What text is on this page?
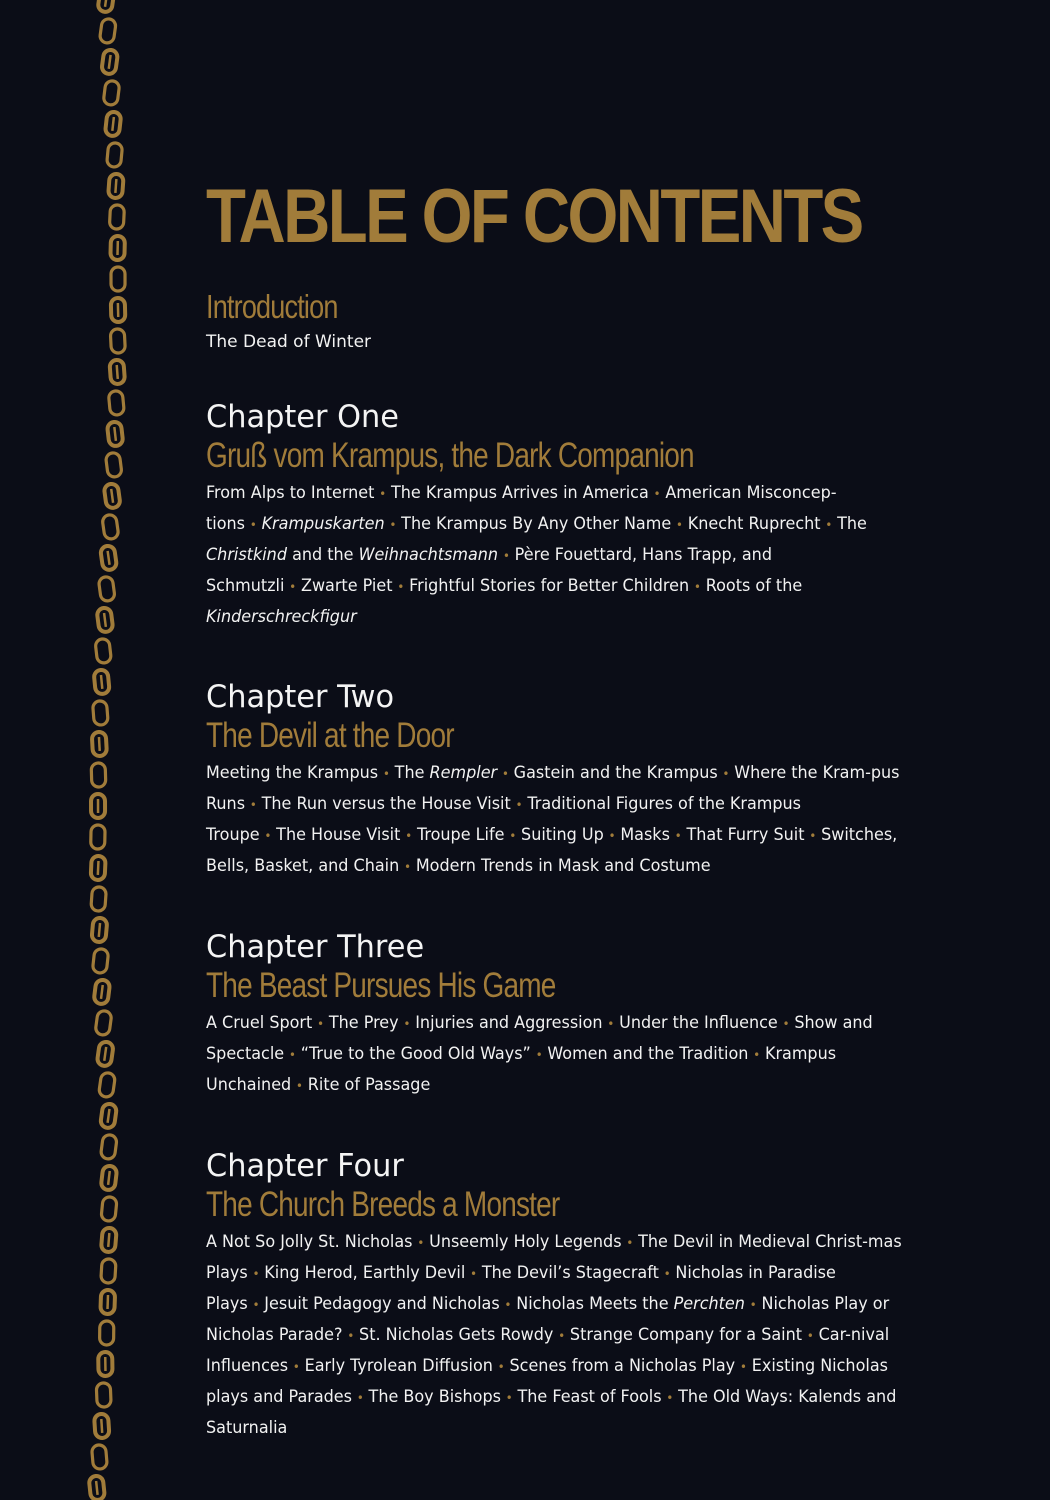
TABLE OF CONTENTS
Introduction
The Dead of Winter
Chapter One
Gruß vom Krampus, the Dark Companion
From Alps to Internet • The Krampus Arrives in America • American Misconcep-tions • Krampuskarten • The Krampus By Any Other Name • Knecht Ruprecht • The Christkind and the Weihnachtsmann • Père Fouettard, Hans Trapp, and Schmutzli • Zwarte Piet • Frightful Stories for Better Children • Roots of the Kinderschreckfigur
Chapter Two
The Devil at the Door
Meeting the Krampus • The Rempler • Gastein and the Krampus • Where the Kram-pus Runs • The Run versus the House Visit • Traditional Figures of the Krampus Troupe • The House Visit • Troupe Life • Suiting Up • Masks • That Furry Suit • Switches, Bells, Basket, and Chain • Modern Trends in Mask and Costume
Chapter Three
The Beast Pursues His Game
A Cruel Sport • The Prey • Injuries and Aggression • Under the Influence • Show and Spectacle • “True to the Good Old Ways” • Women and the Tradition • Krampus Unchained • Rite of Passage
Chapter Four
The Church Breeds a Monster
A Not So Jolly St. Nicholas • Unseemly Holy Legends • The Devil in Medieval Christ-mas Plays • King Herod, Earthly Devil • The Devil’s Stagecraft • Nicholas in Paradise Plays • Jesuit Pedagogy and Nicholas • Nicholas Meets the Perchten • Nicholas Play or Nicholas Parade? • St. Nicholas Gets Rowdy • Strange Company for a Saint • Car-nival Influences • Early Tyrolean Diffusion • Scenes from a Nicholas Play • Existing Nicholas plays and Parades • The Boy Bishops • The Feast of Fools • The Old Ways: Kalends and Saturnalia
